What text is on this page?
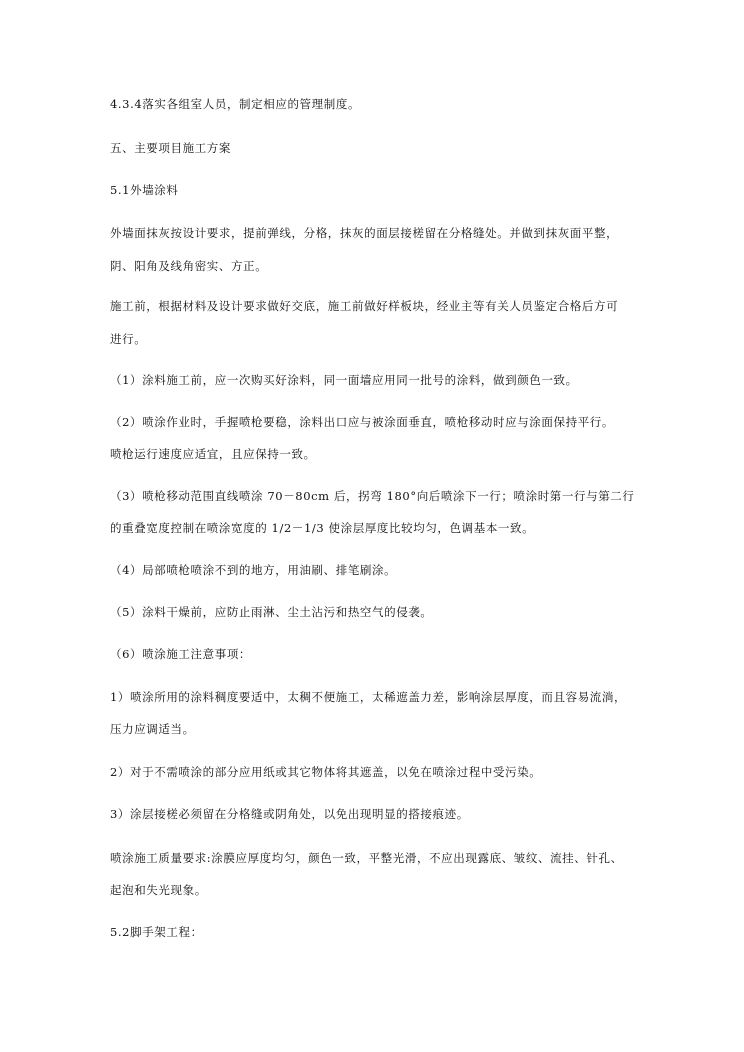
4.3.4落实各组室人员，制定相应的管理制度。
五、主要项目施工方案
5.1外墙涂料
外墙面抹灰按设计要求，提前弹线，分格，抹灰的面层接槎留在分格缝处。并做到抹灰面平整，
阴、阳角及线角密实、方正。
施工前，根据材料及设计要求做好交底，施工前做好样板块，经业主等有关人员鉴定合格后方可
进行。
（1）涂料施工前，应一次购买好涂料，同一面墙应用同一批号的涂料，做到颜色一致。
（2）喷涂作业时，手握喷枪要稳，涂料出口应与被涂面垂直，喷枪移动时应与涂面保持平行。
喷枪运行速度应适宜，且应保持一致。
（3）喷枪移动范围直线喷涂 70－80cm 后，拐弯 180°向后喷涂下一行；喷涂时第一行与第二行
的重叠宽度控制在喷涂宽度的 1/2－1/3 使涂层厚度比较均匀，色调基本一致。
（4）局部喷枪喷涂不到的地方，用油刷、排笔刷涂。
（5）涂料干燥前，应防止雨淋、尘土沾污和热空气的侵袭。
（6）喷涂施工注意事项：
1）喷涂所用的涂料稠度要适中，太稠不便施工，太稀遮盖力差，影响涂层厚度，而且容易流淌，
压力应调适当。
2）对于不需喷涂的部分应用纸或其它物体将其遮盖，以免在喷涂过程中受污染。
3）涂层接槎必须留在分格缝或阴角处，以免出现明显的搭接痕迹。
喷涂施工质量要求:涂膜应厚度均匀，颜色一致，平整光滑，不应出现露底、皱纹、流挂、针孔、
起泡和失光现象。
5.2脚手架工程：
